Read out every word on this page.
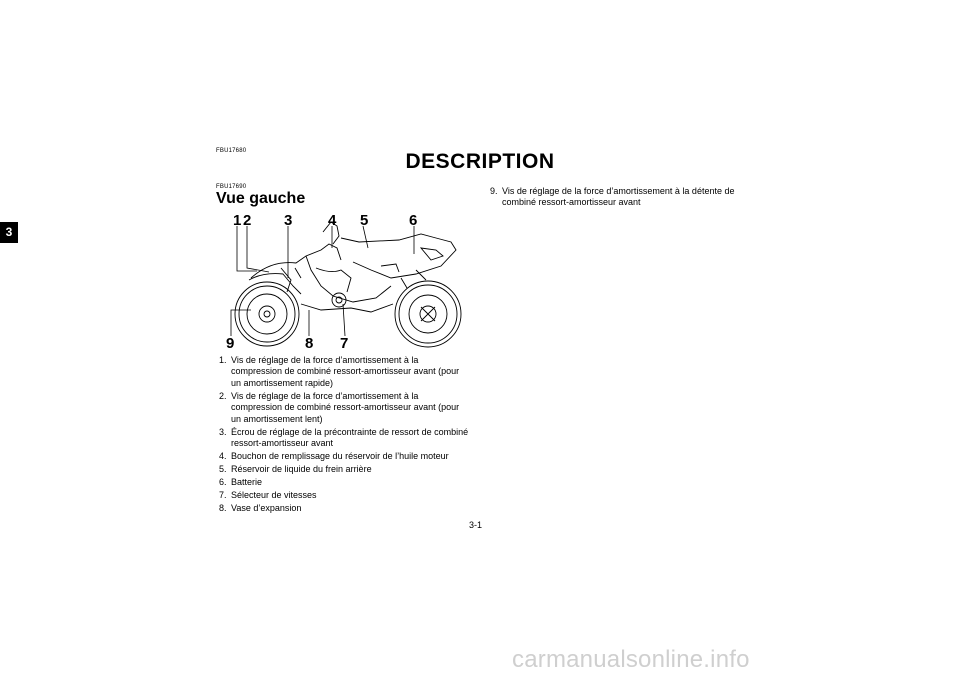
3
FBU17680	DESCRIPTION
FBU17690
Vue gauche
1 2 3 4 5	6
9	8 7
1. Vis de réglage de la force d’amortissement à la compression de combiné ressort-amortisseur avant (pour un amortissement rapide)
2. Vis de réglage de la force d’amortissement à la compression de combiné ressort-amortisseur avant (pour un amortissement lent)
3. Écrou de réglage de la précontrainte de ressort de combiné ressort-amortisseur avant
4. Bouchon de remplissage du réservoir de l’huile moteur
5. Réservoir de liquide du frein arrière
6. Batterie
7. Sélecteur de vitesses
8. Vase d’expansion
9. Vis de réglage de la force d’amortissement à la détente de combiné ressort-amortisseur avant
3-1
carmanualsonline.info
